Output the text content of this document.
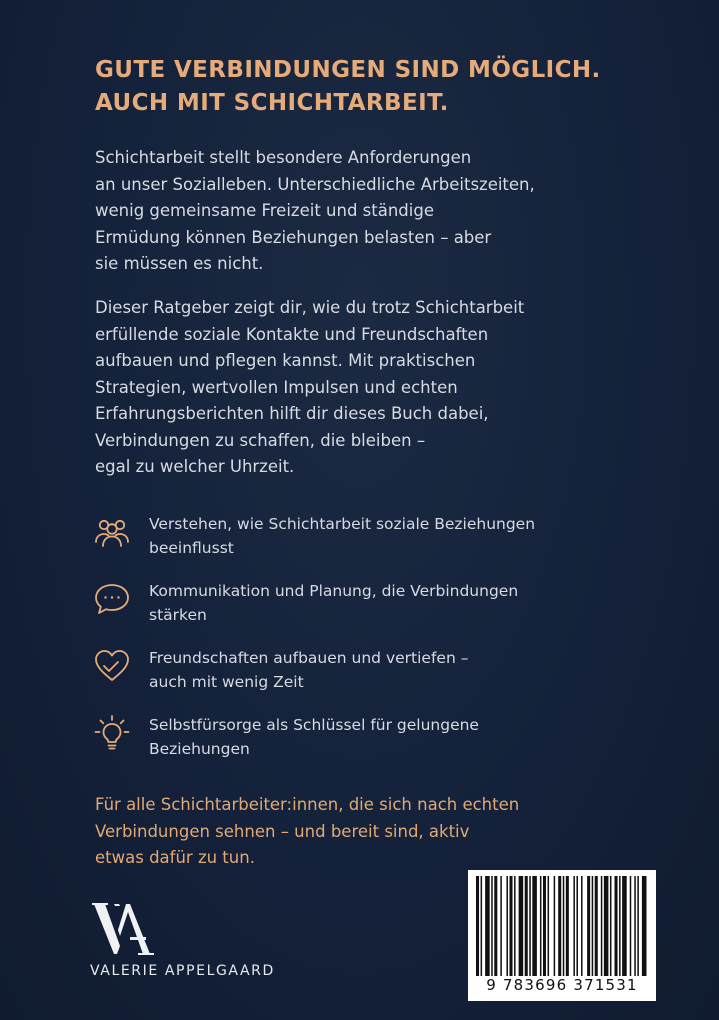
GUTE VERBINDUNGEN SIND MÖGLICH.
AUCH MIT SCHICHTARBEIT.

Schichtarbeit stellt besondere Anforderungen
an unser Sozialleben. Unterschiedliche Arbeitszeiten,
wenig gemeinsame Freizeit und ständige
Ermüdung können Beziehungen belasten – aber
sie müssen es nicht.

Dieser Ratgeber zeigt dir, wie du trotz Schichtarbeit
erfüllende soziale Kontakte und Freundschaften
aufbauen und pflegen kannst. Mit praktischen
Strategien, wertvollen Impulsen und echten
Erfahrungsberichten hilft dir dieses Buch dabei,
Verbindungen zu schaffen, die bleiben –
egal zu welcher Uhrzeit.

Verstehen, wie Schichtarbeit soziale Beziehungen
beeinflusst
Kommunikation und Planung, die Verbindungen
stärken
Freundschaften aufbauen und vertiefen –
auch mit wenig Zeit
Selbstfürsorge als Schlüssel für gelungene
Beziehungen

Für alle Schichtarbeiter:innen, die sich nach echten
Verbindungen sehnen – und bereit sind, aktiv
etwas dafür zu tun.

VALERIE APPELGAARD
9 783696 371531
